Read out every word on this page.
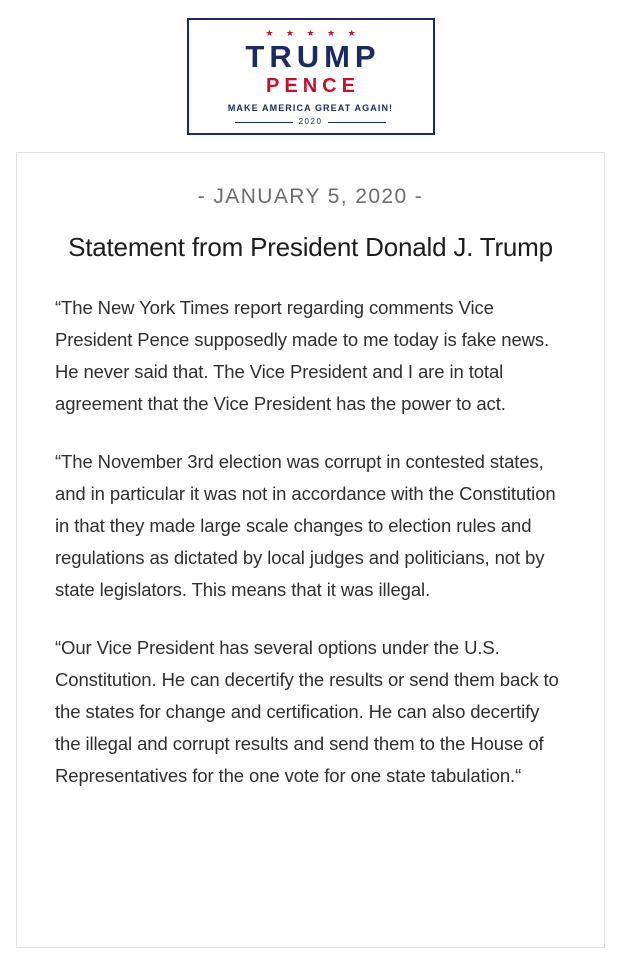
★ ★ ★ ★ ★
TRUMP
PENCE
MAKE AMERICA GREAT AGAIN!
2020
- JANUARY 5, 2020 -
Statement from President Donald J. Trump

“The New York Times report regarding comments Vice President Pence supposedly made to me today is fake news. He never said that. The Vice President and I are in total agreement that the Vice President has the power to act.

“The November 3rd election was corrupt in contested states, and in particular it was not in accordance with the Constitution in that they made large scale changes to election rules and regulations as dictated by local judges and politicians, not by state legislators. This means that it was illegal.

“Our Vice President has several options under the U.S. Constitution. He can decertify the results or send them back to the states for change and certification. He can also decertify the illegal and corrupt results and send them to the House of Representatives for the one vote for one state tabulation.“
